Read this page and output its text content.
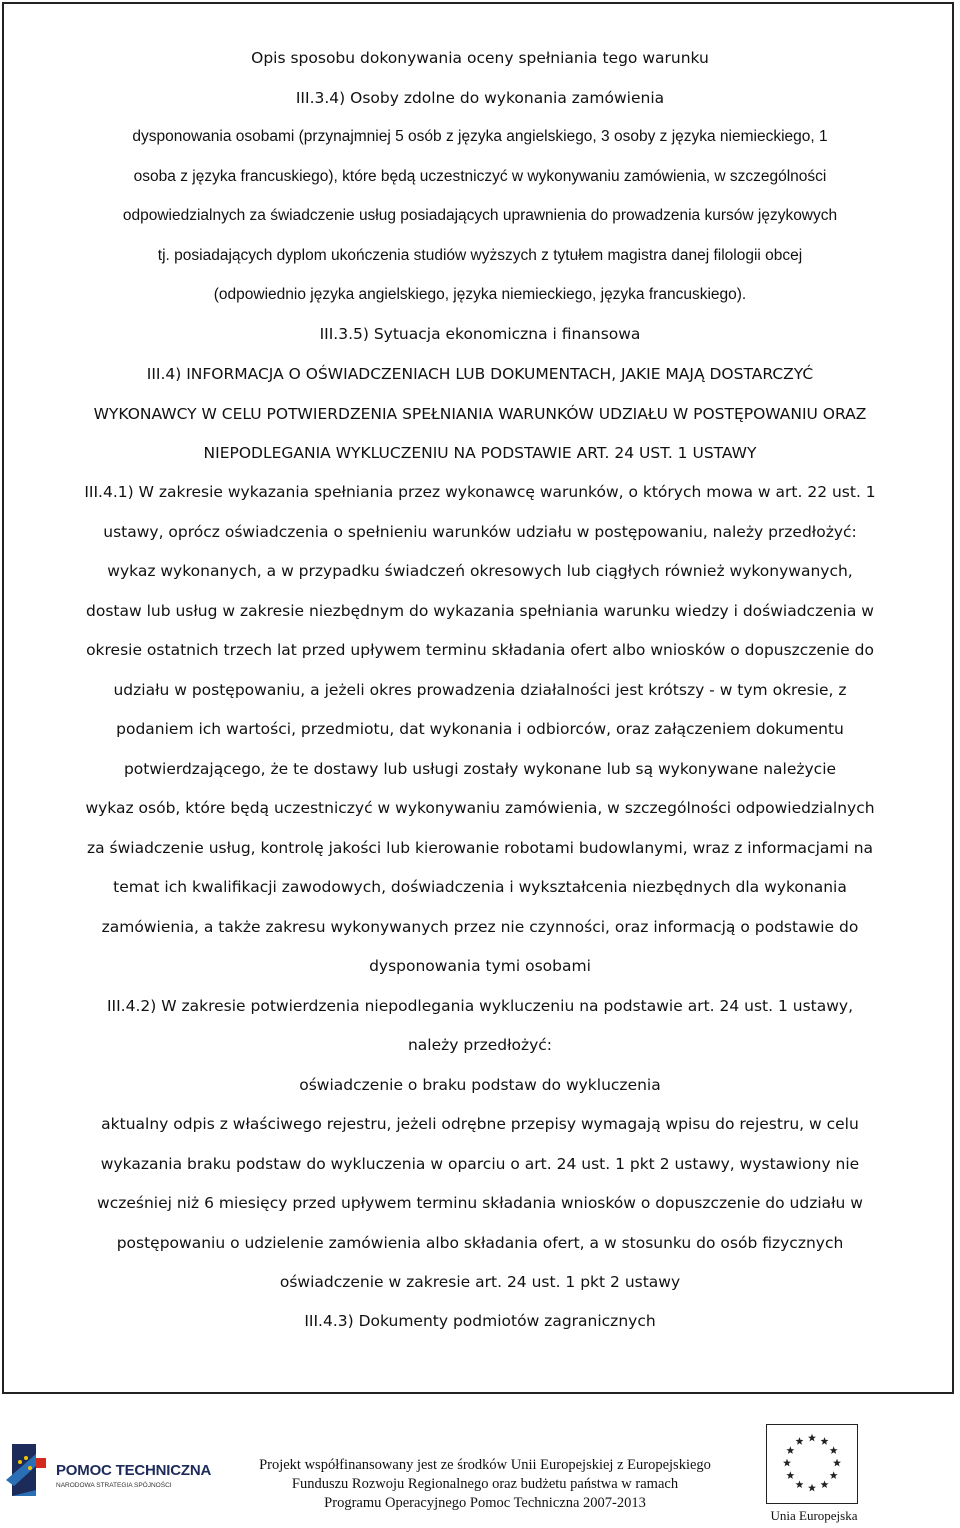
Opis sposobu dokonywania oceny spełniania tego warunku
III.3.4) Osoby zdolne do wykonania zamówienia
dysponowania osobami (przynajmniej 5 osób z języka angielskiego, 3 osoby z języka niemieckiego, 1
osoba z języka francuskiego), które będą uczestniczyć w wykonywaniu zamówienia, w szczególności
odpowiedzialnych za świadczenie usług posiadających uprawnienia do prowadzenia kursów językowych
tj. posiadających dyplom ukończenia studiów wyższych z tytułem magistra danej filologii obcej
(odpowiednio języka angielskiego, języka niemieckiego, języka francuskiego).
III.3.5) Sytuacja ekonomiczna i finansowa
III.4) INFORMACJA O OŚWIADCZENIACH LUB DOKUMENTACH, JAKIE MAJĄ DOSTARCZYĆ
WYKONAWCY W CELU POTWIERDZENIA SPEŁNIANIA WARUNKÓW UDZIAŁU W POSTĘPOWANIU ORAZ
NIEPODLEGANIA WYKLUCZENIU NA PODSTAWIE ART. 24 UST. 1 USTAWY
III.4.1) W zakresie wykazania spełniania przez wykonawcę warunków, o których mowa w art. 22 ust. 1
ustawy, oprócz oświadczenia o spełnieniu warunków udziału w postępowaniu, należy przedłożyć:
wykaz wykonanych, a w przypadku świadczeń okresowych lub ciągłych również wykonywanych,
dostaw lub usług w zakresie niezbędnym do wykazania spełniania warunku wiedzy i doświadczenia w
okresie ostatnich trzech lat przed upływem terminu składania ofert albo wniosków o dopuszczenie do
udziału w postępowaniu, a jeżeli okres prowadzenia działalności jest krótszy - w tym okresie, z
podaniem ich wartości, przedmiotu, dat wykonania i odbiorców, oraz załączeniem dokumentu
potwierdzającego, że te dostawy lub usługi zostały wykonane lub są wykonywane należycie
wykaz osób, które będą uczestniczyć w wykonywaniu zamówienia, w szczególności odpowiedzialnych
za świadczenie usług, kontrolę jakości lub kierowanie robotami budowlanymi, wraz z informacjami na
temat ich kwalifikacji zawodowych, doświadczenia i wykształcenia niezbędnych dla wykonania
zamówienia, a także zakresu wykonywanych przez nie czynności, oraz informacją o podstawie do
dysponowania tymi osobami
III.4.2) W zakresie potwierdzenia niepodlegania wykluczeniu na podstawie art. 24 ust. 1 ustawy,
należy przedłożyć:
oświadczenie o braku podstaw do wykluczenia
aktualny odpis z właściwego rejestru, jeżeli odrębne przepisy wymagają wpisu do rejestru, w celu
wykazania braku podstaw do wykluczenia w oparciu o art. 24 ust. 1 pkt 2 ustawy, wystawiony nie
wcześniej niż 6 miesięcy przed upływem terminu składania wniosków o dopuszczenie do udziału w
postępowaniu o udzielenie zamówienia albo składania ofert, a w stosunku do osób fizycznych
oświadczenie w zakresie art. 24 ust. 1 pkt 2 ustawy
III.4.3) Dokumenty podmiotów zagranicznych
POMOC TECHNICZNA
NARODOWA STRATEGIA SPÓJNOŚCI
Projekt współfinansowany jest ze środków Unii Europejskiej z Europejskiego
Funduszu Rozwoju Regionalnego oraz budżetu państwa w ramach
Programu Operacyjnego Pomoc Techniczna 2007-2013
Unia Europejska
